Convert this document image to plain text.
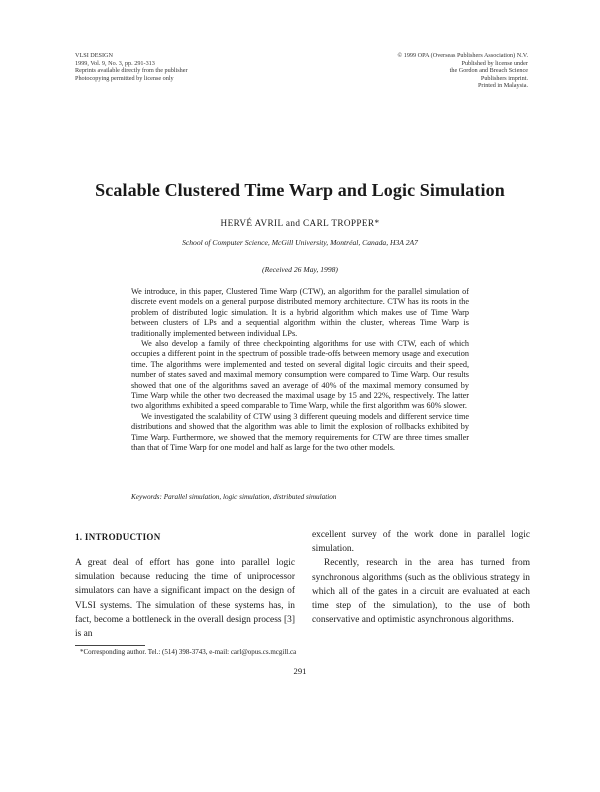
VLSI DESIGN
1999, Vol. 9, No. 3, pp. 291-313
Reprints available directly from the publisher
Photocopying permitted by license only
© 1999 OPA (Overseas Publishers Association) N.V.
Published by license under
the Gordon and Breach Science
Publishers imprint.
Printed in Malaysia.
Scalable Clustered Time Warp and Logic Simulation
HERVÉ AVRIL and CARL TROPPER*
School of Computer Science, McGill University, Montréal, Canada, H3A 2A7
(Received 26 May, 1998)

We introduce, in this paper, Clustered Time Warp (CTW), an algorithm for the parallel simulation of discrete event models on a general purpose distributed memory architecture. CTW has its roots in the problem of distributed logic simulation. It is a hybrid algorithm which makes use of Time Warp between clusters of LPs and a sequential algorithm within the cluster, whereas Time Warp is traditionally implemented between individual LPs.

We also develop a family of three checkpointing algorithms for use with CTW, each of which occupies a different point in the spectrum of possible trade-offs between memory usage and execution time. The algorithms were implemented and tested on several digital logic circuits and their speed, number of states saved and maximal memory consumption were compared to Time Warp. Our results showed that one of the algorithms saved an average of 40% of the maximal memory consumed by Time Warp while the other two decreased the maximal usage by 15 and 22%, respectively. The latter two algorithms exhibited a speed comparable to Time Warp, while the first algorithm was 60% slower.

We investigated the scalability of CTW using 3 different queuing models and different service time distributions and showed that the algorithm was able to limit the explosion of rollbacks exhibited by Time Warp. Furthermore, we showed that the memory requirements for CTW are three times smaller than that of Time Warp for one model and half as large for the two other models.

Keywords: Parallel simulation, logic simulation, distributed simulation
1. INTRODUCTION

A great deal of effort has gone into parallel logic simulation because reducing the time of uniprocessor simulators can have a significant impact on the design of VLSI systems. The simulation of these systems has, in fact, become a bottleneck in the overall design process [3] is an

excellent survey of the work done in parallel logic simulation.

Recently, research in the area has turned from synchronous algorithms (such as the oblivious strategy in which all of the gates in a circuit are evaluated at each time step of the simulation), to the use of both conservative and optimistic asynchronous algorithms.

*Corresponding author. Tel.: (514) 398-3743, e-mail: carl@opus.cs.mcgill.ca
291
